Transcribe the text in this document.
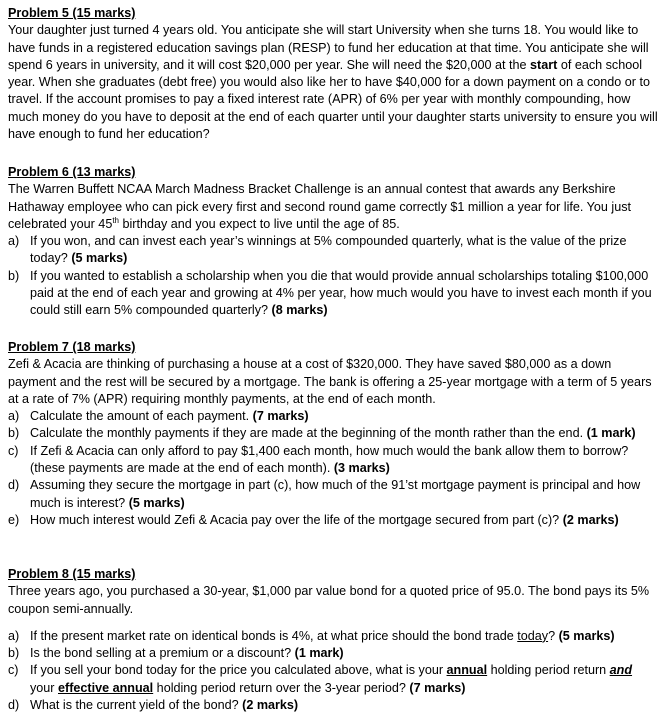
Problem 5 (15 marks)

Your daughter just turned 4 years old. You anticipate she will start University when she turns 18. You would like to have funds in a registered education savings plan (RESP) to fund her education at that time. You anticipate she will spend 6 years in university, and it will cost $20,000 per year. She will need the $20,000 at the start of each school year. When she graduates (debt free) you would also like her to have $40,000 for a down payment on a condo or to travel. If the account promises to pay a fixed interest rate (APR) of 6% per year with monthly compounding, how much money do you have to deposit at the end of each quarter until your daughter starts university to ensure you will have enough to fund her education?

Problem 6 (13 marks)

The Warren Buffett NCAA March Madness Bracket Challenge is an annual contest that awards any Berkshire Hathaway employee who can pick every first and second round game correctly $1 million a year for life. You just celebrated your 45th birthday and you expect to live until the age of 85.

a) If you won, and can invest each year’s winnings at 5% compounded quarterly, what is the value of the prize today? (5 marks)
b) If you wanted to establish a scholarship when you die that would provide annual scholarships totaling $100,000 paid at the end of each year and growing at 4% per year, how much would you have to invest each month if you could still earn 5% compounded quarterly? (8 marks)
Problem 7 (18 marks)

Zefi & Acacia are thinking of purchasing a house at a cost of $320,000. They have saved $80,000 as a down payment and the rest will be secured by a mortgage. The bank is offering a 25-year mortgage with a term of 5 years at a rate of 7% (APR) requiring monthly payments, at the end of each month.

a) Calculate the amount of each payment. (7 marks)
b) Calculate the monthly payments if they are made at the beginning of the month rather than the end. (1 mark)
c) If Zefi & Acacia can only afford to pay $1,400 each month, how much would the bank allow them to borrow? (these payments are made at the end of each month). (3 marks)
d) Assuming they secure the mortgage in part (c), how much of the 91’st mortgage payment is principal and how much is interest? (5 marks)
e) How much interest would Zefi & Acacia pay over the life of the mortgage secured from part (c)? (2 marks)
Problem 8 (15 marks)

Three years ago, you purchased a 30-year, $1,000 par value bond for a quoted price of 95.0. The bond pays its 5% coupon semi-annually.

a) If the present market rate on identical bonds is 4%, at what price should the bond trade today? (5 marks)
b) Is the bond selling at a premium or a discount? (1 mark)
c) If you sell your bond today for the price you calculated above, what is your annual holding period return and your effective annual holding period return over the 3-year period? (7 marks)
d) What is the current yield of the bond? (2 marks)
